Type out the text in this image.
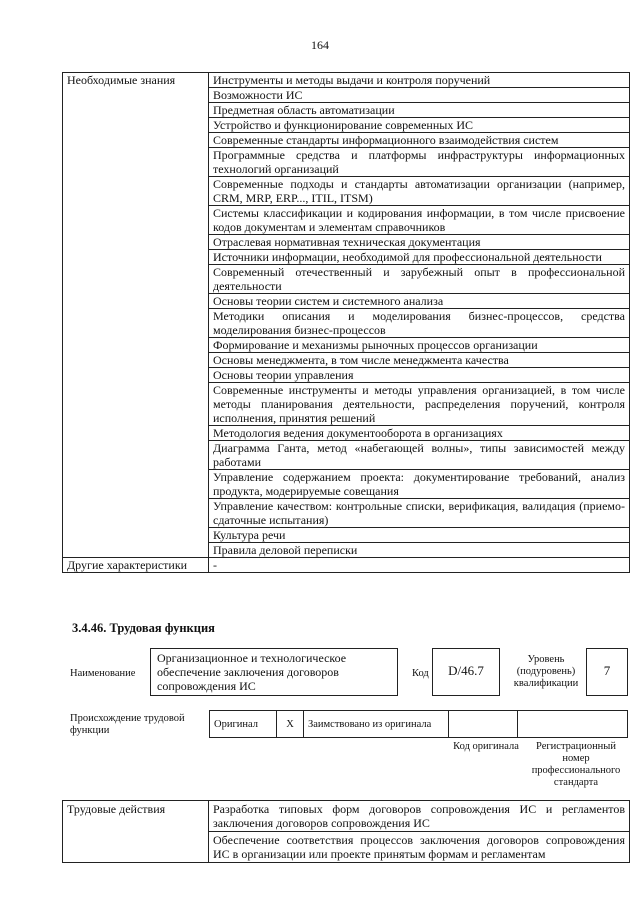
164
Необходимые знания	Инструменты и методы выдачи и контроля поручений
	Возможности ИС
	Предметная область автоматизации
	Устройство и функционирование современных ИС
	Современные стандарты информационного взаимодействия систем
	Программные средства и платформы инфраструктуры информационных технологий организаций
	Современные подходы и стандарты автоматизации организации (например, CRM, MRP, ERP..., ITIL, ITSM)
	Системы классификации и кодирования информации, в том числе присвоение кодов документам и элементам справочников
	Отраслевая нормативная техническая документация
	Источники информации, необходимой для профессиональной деятельности
	Современный отечественный и зарубежный опыт в профессиональной деятельности
	Основы теории систем и системного анализа
	Методики описания и моделирования бизнес-процессов, средства моделирования бизнес-процессов
	Формирование и механизмы рыночных процессов организации
	Основы менеджмента, в том числе менеджмента качества
	Основы теории управления
	Современные инструменты и методы управления организацией, в том числе методы планирования деятельности, распределения поручений, контроля исполнения, принятия решений
	Методология ведения документооборота в организациях
	Диаграмма Ганта, метод «набегающей волны», типы зависимостей между работами
	Управление содержанием проекта: документирование требований, анализ продукта, модерируемые совещания
	Управление качеством: контрольные списки, верификация, валидация (приемо-сдаточные испытания)
	Культура речи
	Правила деловой переписки
Другие характеристики	-
3.4.46. Трудовая функция
Наименование
Организационное и технологическое обеспечение заключения договоров сопровождения ИС
Код	D/46.7
Уровень (подуровень) квалификации
7
Происхождение трудовой функции
Оригинал	X	Заимствовано из оригинала		
Код оригинала	Регистрационный номер профессионального стандарта
Трудовые действия	Разработка типовых форм договоров сопровождения ИС и регламентов заключения договоров сопровождения ИС
Обеспечение соответствия процессов заключения договоров сопровождения ИС в организации или проекте принятым формам и регламентам
